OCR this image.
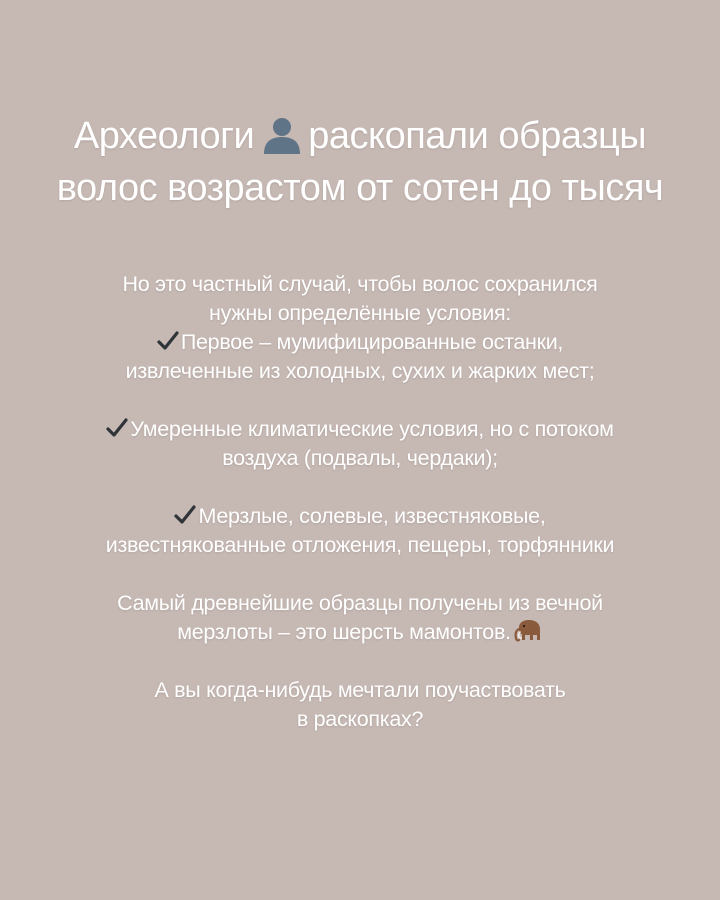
Археологи раскопали образцы
волос возрастом от сотен до тысяч

Но это частный случай, чтобы волос сохранился
нужны определённые условия:
Первое – мумифицированные останки,
извлеченные из холодных, сухих и жарких мест;

Умеренные климатические условия, но с потоком
воздуха (подвалы, чердаки);

Мерзлые, солевые, известняковые,
известнякованные отложения, пещеры, торфянники

Самый древнейшие образцы получены из вечной
мерзлоты – это шерсть мамонтов.

А вы когда-нибудь мечтали поучаствовать
в раскопках?
